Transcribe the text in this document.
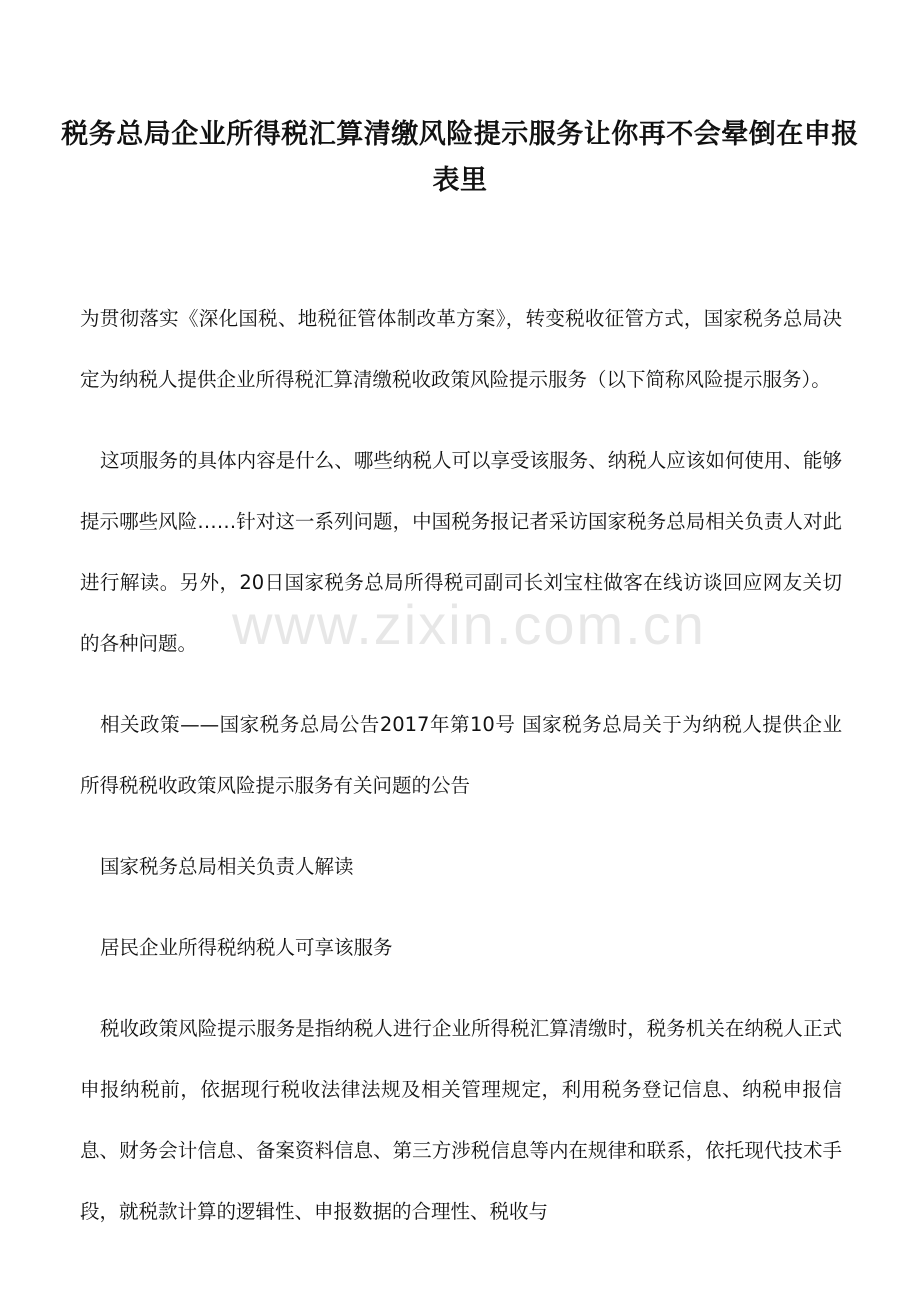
税务总局企业所得税汇算清缴风险提示服务让你再不会晕倒在申报表里

为贯彻落实《深化国税、地税征管体制改革方案》，转变税收征管方式，国家税务总局决定为纳税人提供企业所得税汇算清缴税收政策风险提示服务（以下简称风险提示服务）。

这项服务的具体内容是什么、哪些纳税人可以享受该服务、纳税人应该如何使用、能够提示哪些风险……针对这一系列问题，中国税务报记者采访国家税务总局相关负责人对此进行解读。另外，20日国家税务总局所得税司副司长刘宝柱做客在线访谈回应网友关切的各种问题。

相关政策——国家税务总局公告2017年第10号 国家税务总局关于为纳税人提供企业所得税税收政策风险提示服务有关问题的公告

国家税务总局相关负责人解读

居民企业所得税纳税人可享该服务

税收政策风险提示服务是指纳税人进行企业所得税汇算清缴时，税务机关在纳税人正式申报纳税前，依据现行税收法律法规及相关管理规定，利用税务登记信息、纳税申报信息、财务会计信息、备案资料信息、第三方涉税信息等内在规律和联系，依托现代技术手段，就税款计算的逻辑性、申报数据的合理性、税收与

www.zixin.com.cn
